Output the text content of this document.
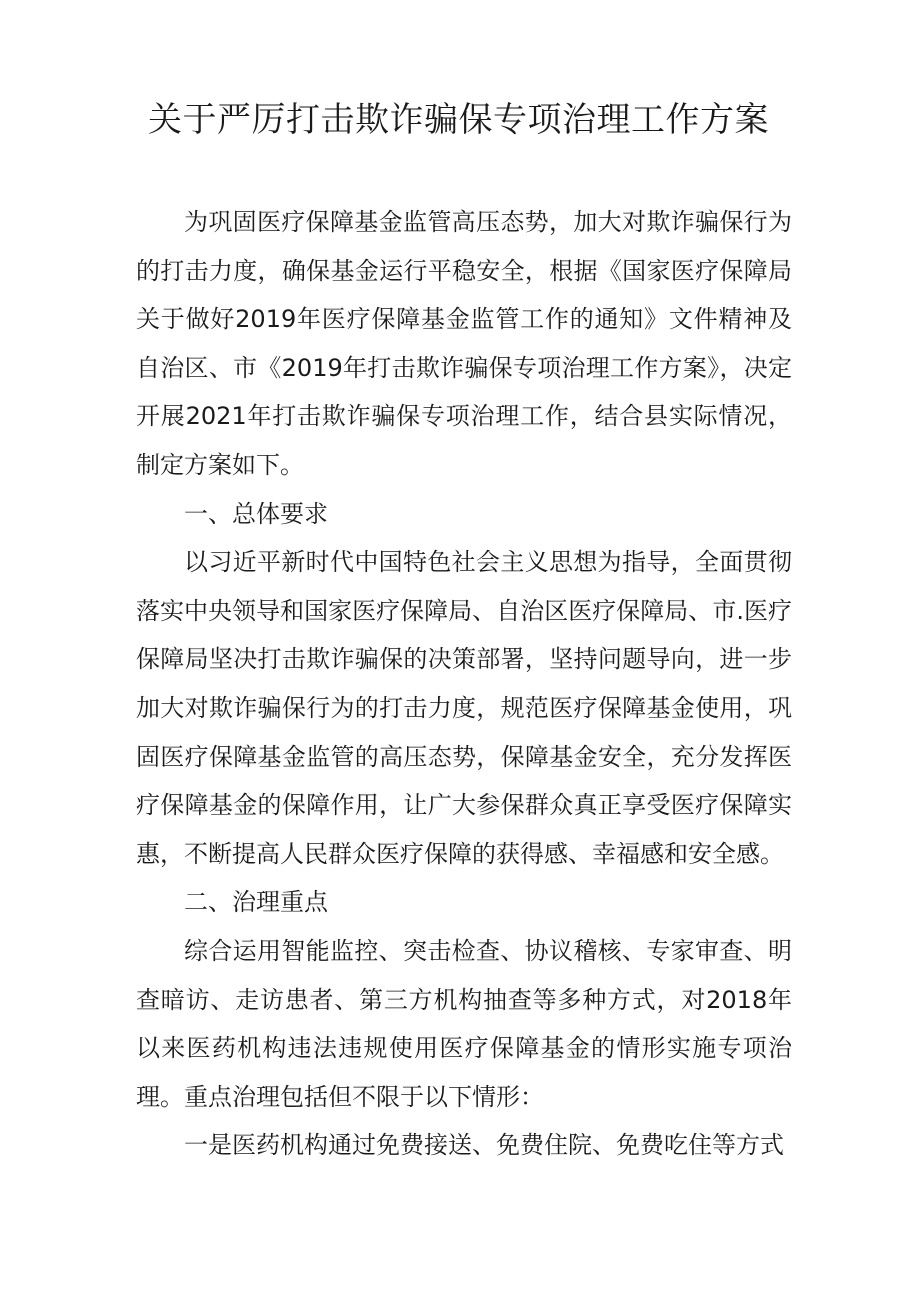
关于严厉打击欺诈骗保专项治理工作方案

为巩固医疗保障基金监管高压态势，加大对欺诈骗保行为的打击力度，确保基金运行平稳安全，根据《国家医疗保障局关于做好2019年医疗保障基金监管工作的通知》文件精神及自治区、市《2019年打击欺诈骗保专项治理工作方案》，决定开展2021年打击欺诈骗保专项治理工作，结合县实际情况，制定方案如下。

一、总体要求

以习近平新时代中国特色社会主义思想为指导，全面贯彻落实中央领导和国家医疗保障局、自治区医疗保障局、市.医疗保障局坚决打击欺诈骗保的决策部署，坚持问题导向，进一步加大对欺诈骗保行为的打击力度，规范医疗保障基金使用，巩固医疗保障基金监管的高压态势，保障基金安全，充分发挥医疗保障基金的保障作用，让广大参保群众真正享受医疗保障实惠，不断提高人民群众医疗保障的获得感、幸福感和安全感。

二、治理重点

综合运用智能监控、突击检查、协议稽核、专家审查、明查暗访、走访患者、第三方机构抽查等多种方式，对2018年以来医药机构违法违规使用医疗保障基金的情形实施专项治理。重点治理包括但不限于以下情形：

一是医药机构通过免费接送、免费住院、免费吃住等方式
